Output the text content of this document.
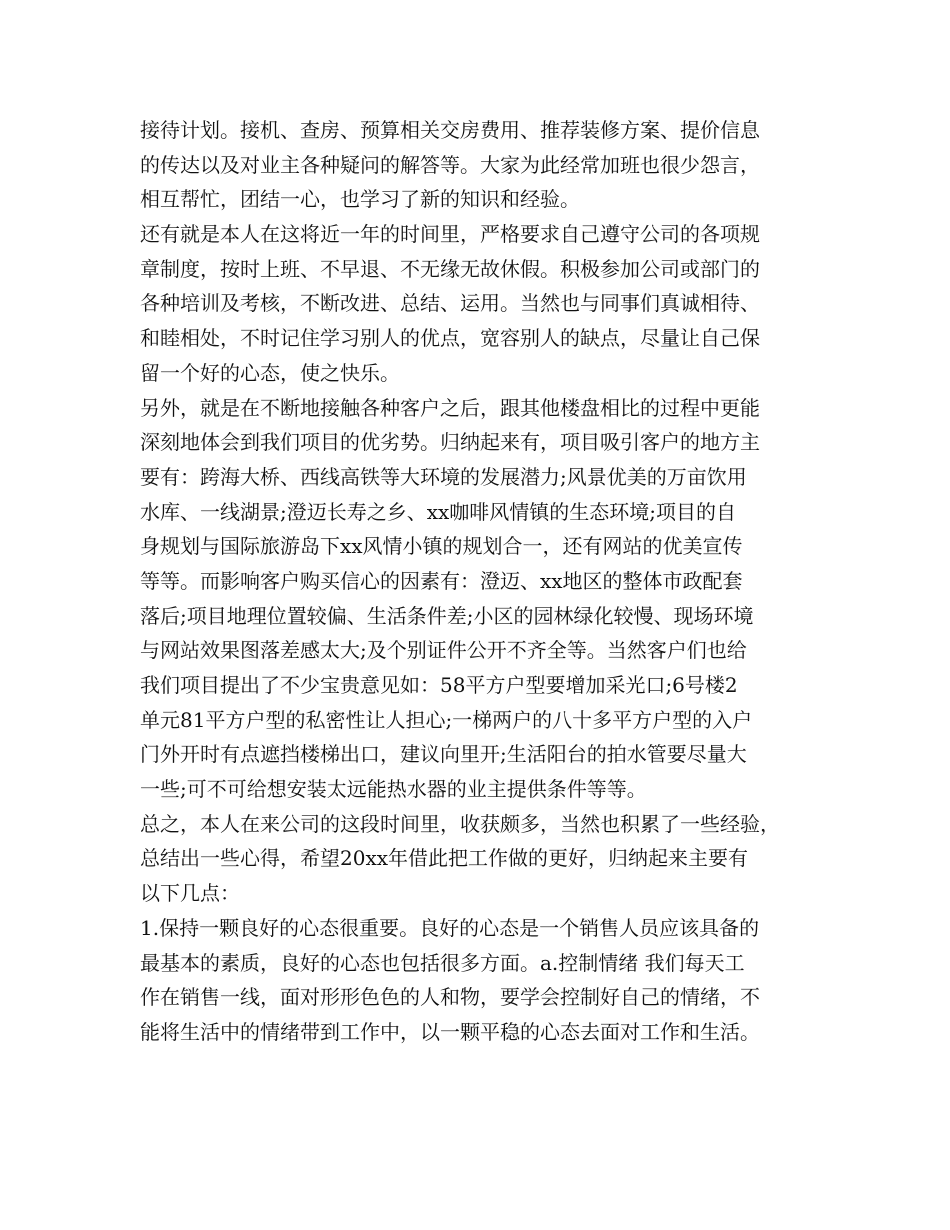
接待计划。接机、查房、预算相关交房费用、推荐装修方案、提价信息
的传达以及对业主各种疑问的解答等。大家为此经常加班也很少怨言，
相互帮忙，团结一心，也学习了新的知识和经验。
还有就是本人在这将近一年的时间里，严格要求自己遵守公司的各项规
章制度，按时上班、不早退、不无缘无故休假。积极参加公司或部门的
各种培训及考核，不断改进、总结、运用。当然也与同事们真诚相待、
和睦相处，不时记住学习别人的优点，宽容别人的缺点，尽量让自己保
留一个好的心态，使之快乐。
另外，就是在不断地接触各种客户之后，跟其他楼盘相比的过程中更能
深刻地体会到我们项目的优劣势。归纳起来有，项目吸引客户的地方主
要有：跨海大桥、西线高铁等大环境的发展潜力;风景优美的万亩饮用
水库、一线湖景;澄迈长寿之乡、xx咖啡风情镇的生态环境;项目的自
身规划与国际旅游岛下xx风情小镇的规划合一，还有网站的优美宣传
等等。而影响客户购买信心的因素有：澄迈、xx地区的整体市政配套
落后;项目地理位置较偏、生活条件差;小区的园林绿化较慢、现场环境
与网站效果图落差感太大;及个别证件公开不齐全等。当然客户们也给
我们项目提出了不少宝贵意见如：58平方户型要增加采光口;6号楼2
单元81平方户型的私密性让人担心;一梯两户的八十多平方户型的入户
门外开时有点遮挡楼梯出口，建议向里开;生活阳台的拍水管要尽量大
一些;可不可给想安装太远能热水器的业主提供条件等等。
总之，本人在来公司的这段时间里，收获颇多，当然也积累了一些经验，
总结出一些心得，希望20xx年借此把工作做的更好，归纳起来主要有
以下几点：
1.保持一颗良好的心态很重要。良好的心态是一个销售人员应该具备的
最基本的素质，良好的心态也包括很多方面。a.控制情绪 我们每天工
作在销售一线，面对形形色色的人和物，要学会控制好自己的情绪，不
能将生活中的情绪带到工作中，以一颗平稳的心态去面对工作和生活。
